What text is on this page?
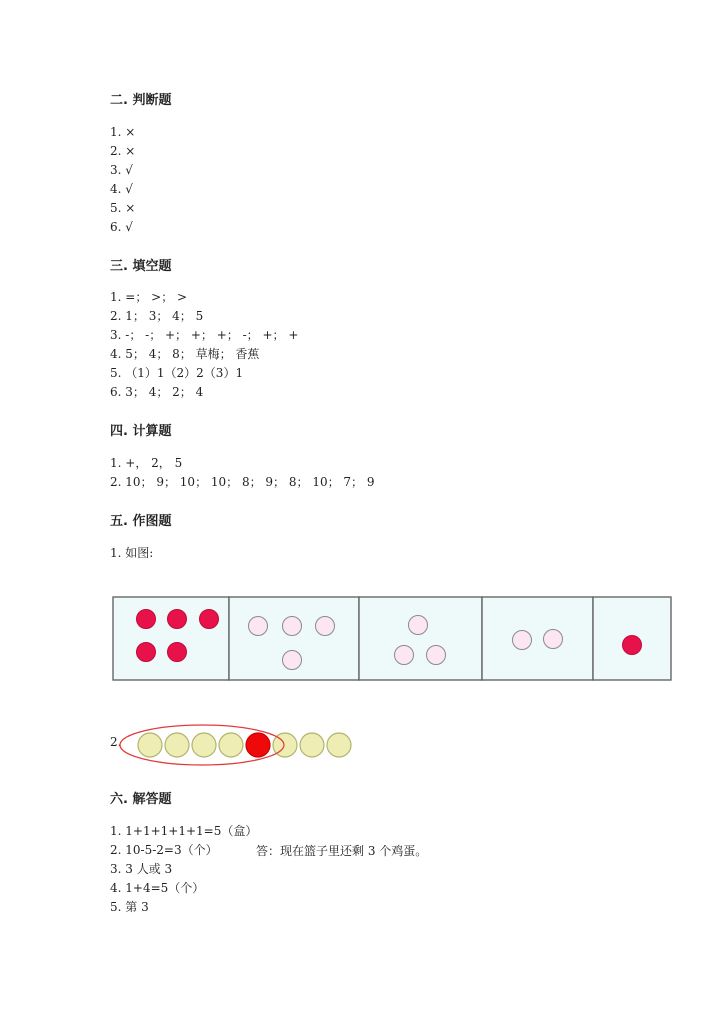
二. 判断题
1. ×
2. ×
3. √
4. √
5. ×
6. √
三. 填空题
1. =； >； >
2. 1； 3； 4； 5
3. -； -； +； +； +； -； +； +
4. 5； 4； 8； 草梅； 香蕉
5. （1）1（2）2（3）1
6. 3； 4； 2； 4
四. 计算题
1. +， 2， 5
2. 10； 9； 10； 10； 8； 9； 8； 10； 7； 9
五. 作图题
1. 如图:
2.
六. 解答题
1. 1+1+1+1+1=5（盒）
2. 10-5-2=3（个）	答：现在篮子里还剩 3 个鸡蛋。
3. 3 人或 3
4. 1+4=5（个）
5. 第 3
